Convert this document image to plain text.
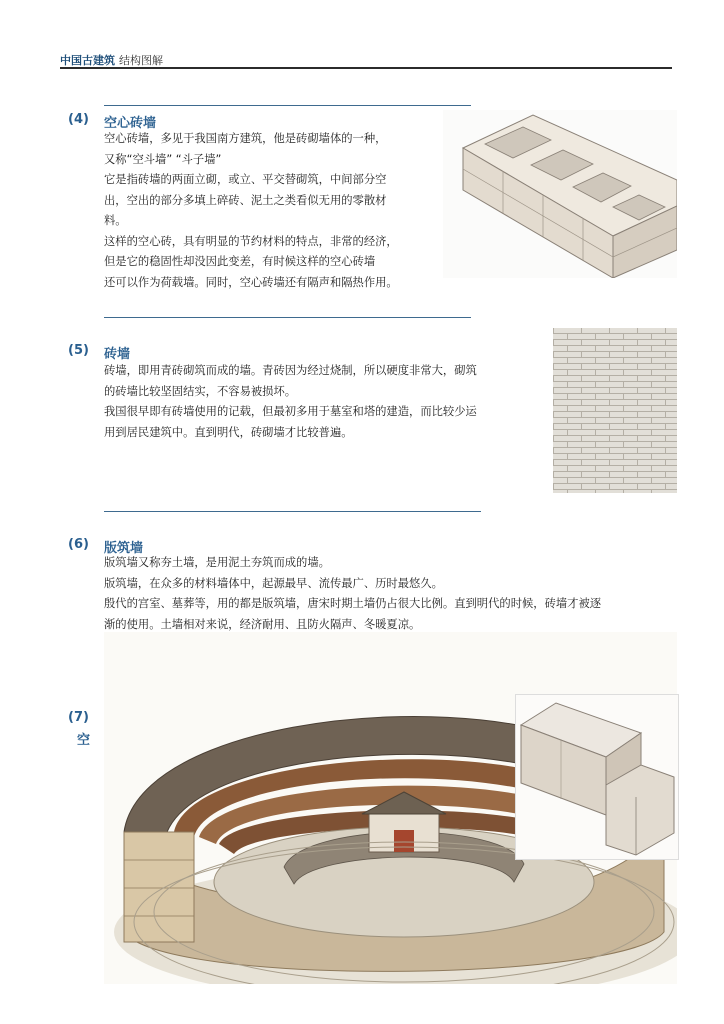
中国古建筑 结构图解
(4) 空心砖墙

空心砖墙，多见于我国南方建筑，他是砖砌墙体的一种，

又称“空斗墙” “斗子墙”

它是指砖墙的两面立砌，或立、平交替砌筑，中间部分空

出，空出的部分多填上碎砖、泥土之类看似无用的零散材

料。

这样的空心砖，具有明显的节约材料的特点，非常的经济，

但是它的稳固性却没因此变差，有时候这样的空心砖墙

还可以作为荷载墙。同时，空心砖墙还有隔声和隔热作用。

(5) 砖墙

砖墙，即用青砖砌筑而成的墙。青砖因为经过烧制，所以硬度非常大，砌筑

的砖墙比较坚固结实，不容易被损坏。

我国很早即有砖墙使用的记载，但最初多用于墓室和塔的建造，而比较少运

用到居民建筑中。直到明代，砖砌墙才比较普遍。

(6) 版筑墙

版筑墙又称夯土墙，是用泥土夯筑而成的墙。

版筑墙，在众多的材料墙体中，起源最早、流传最广、历时最悠久。

殷代的宫室、墓葬等，用的都是版筑墙，唐宋时期土墙仍占很大比例。直到明代的时候，砖墙才被逐

渐的使用。土墙相对来说，经济耐用、且防火隔声、冬暖夏凉。

(7)
空
